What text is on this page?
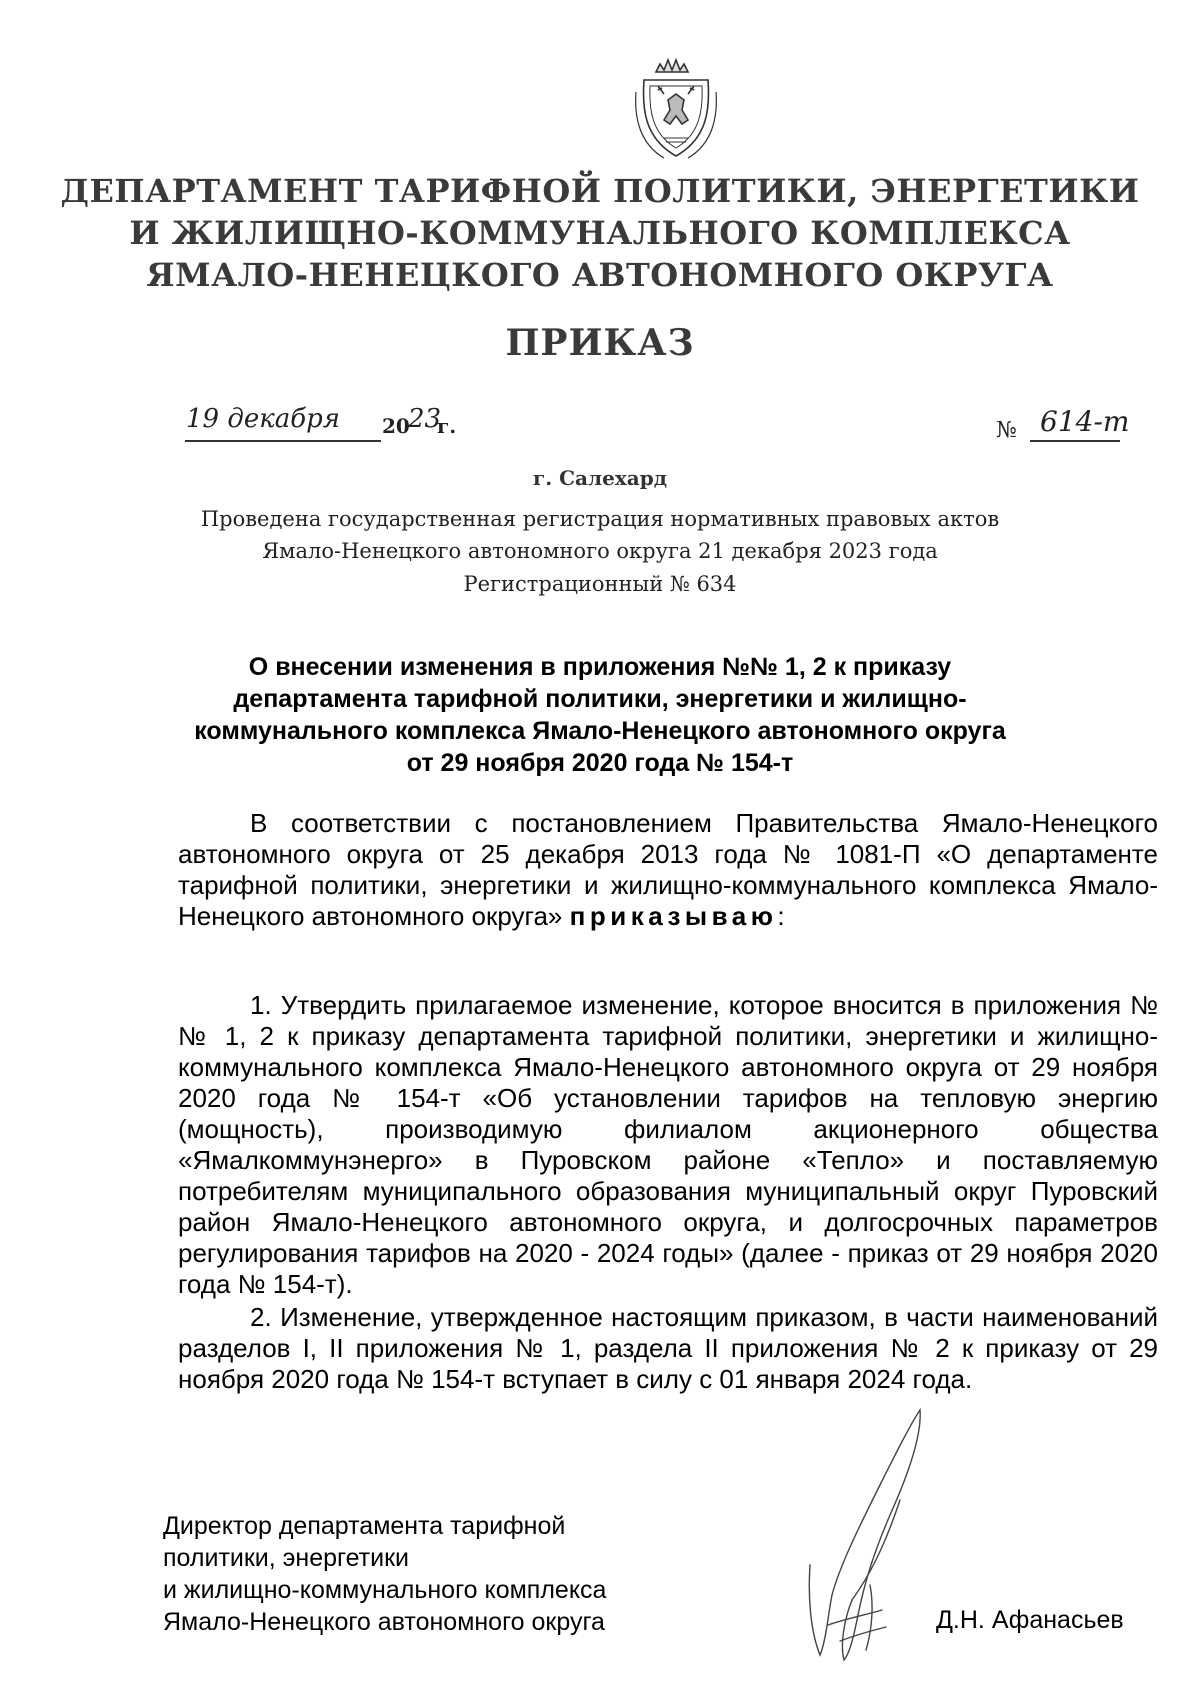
ДЕПАРТАМЕНТ ТАРИФНОЙ ПОЛИТИКИ, ЭНЕРГЕТИКИ
И ЖИЛИЩНО-КОММУНАЛЬНОГО КОМПЛЕКСА
ЯМАЛО-НЕНЕЦКОГО АВТОНОМНОГО ОКРУГА
ПРИКАЗ
19 декабря 20
23
г.	№ 614-т
г. Салехард
Проведена государственная регистрация нормативных правовых актов
Ямало-Ненецкого автономного округа 21 декабря 2023 года
Регистрационный № 634
О внесении изменения в приложения №№ 1, 2 к приказу
департамента тарифной политики, энергетики и жилищно-
коммунального комплекса Ямало-Ненецкого автономного округа
от 29 ноября 2020 года № 154-т
В соответствии с постановлением Правительства Ямало-Ненецкого автономного округа от 25 декабря 2013 года № 1081-П «О департаменте тарифной политики, энергетики и жилищно-коммунального комплекса Ямало-Ненецкого автономного округа» приказываю:
1. Утвердить прилагаемое изменение, которое вносится в приложения №№ 1, 2 к приказу департамента тарифной политики, энергетики и жилищно-коммунального комплекса Ямало-Ненецкого автономного округа от 29 ноября 2020 года № 154-т «Об установлении тарифов на тепловую энергию (мощность), производимую филиалом акционерного общества «Ямалкоммунэнерго» в Пуровском районе «Тепло» и поставляемую потребителям муниципального образования муниципальный округ Пуровский район Ямало-Ненецкого автономного округа, и долгосрочных параметров регулирования тарифов на 2020 - 2024 годы» (далее - приказ от 29 ноября 2020 года № 154-т).
2. Изменение, утвержденное настоящим приказом, в части наименований разделов I, II приложения № 1, раздела II приложения № 2 к приказу от 29 ноября 2020 года № 154-т вступает в силу с 01 января 2024 года.
Директор департамента тарифной
политики, энергетики
и жилищно-коммунального комплекса
Ямало-Ненецкого автономного округа	Д.Н. Афанасьев
